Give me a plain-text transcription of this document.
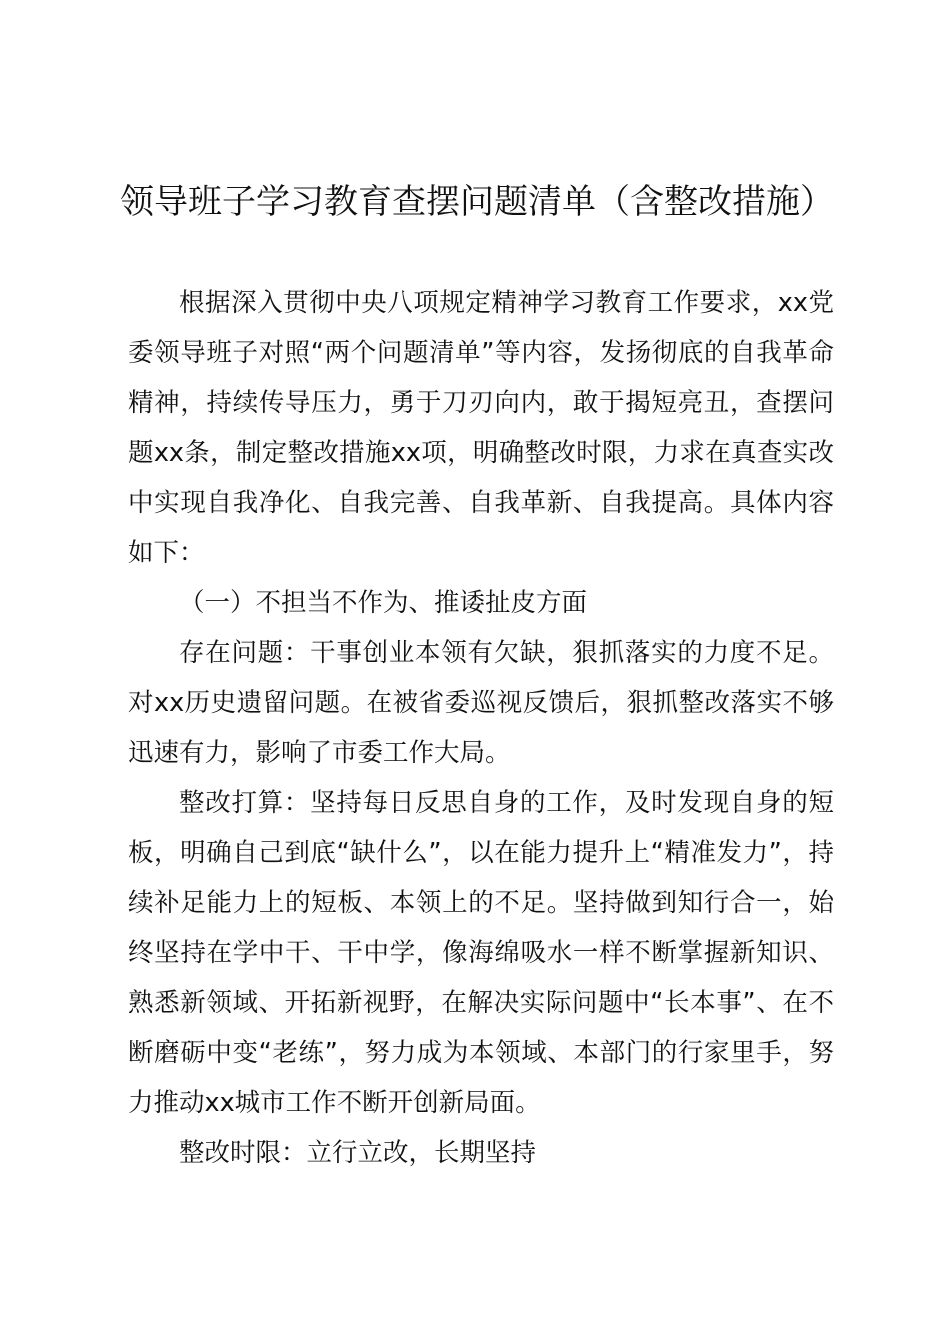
领导班子学习教育查摆问题清单（含整改措施）

根据深入贯彻中央八项规定精神学习教育工作要求，xx党委领导班子对照“两个问题清单”等内容，发扬彻底的自我革命精神，持续传导压力，勇于刀刃向内，敢于揭短亮丑，查摆问题xx条，制定整改措施xx项，明确整改时限，力求在真查实改中实现自我净化、自我完善、自我革新、自我提高。具体内容如下：

（一）不担当不作为、推诿扯皮方面

存在问题：干事创业本领有欠缺，狠抓落实的力度不足。对xx历史遗留问题。在被省委巡视反馈后，狠抓整改落实不够迅速有力，影响了市委工作大局。

整改打算：坚持每日反思自身的工作，及时发现自身的短板，明确自己到底“缺什么”，以在能力提升上“精准发力”，持续补足能力上的短板、本领上的不足。坚持做到知行合一，始终坚持在学中干、干中学，像海绵吸水一样不断掌握新知识、熟悉新领域、开拓新视野，在解决实际问题中“长本事”、在不断磨砺中变“老练”，努力成为本领域、本部门的行家里手，努力推动xx城市工作不断开创新局面。

整改时限：立行立改，长期坚持
